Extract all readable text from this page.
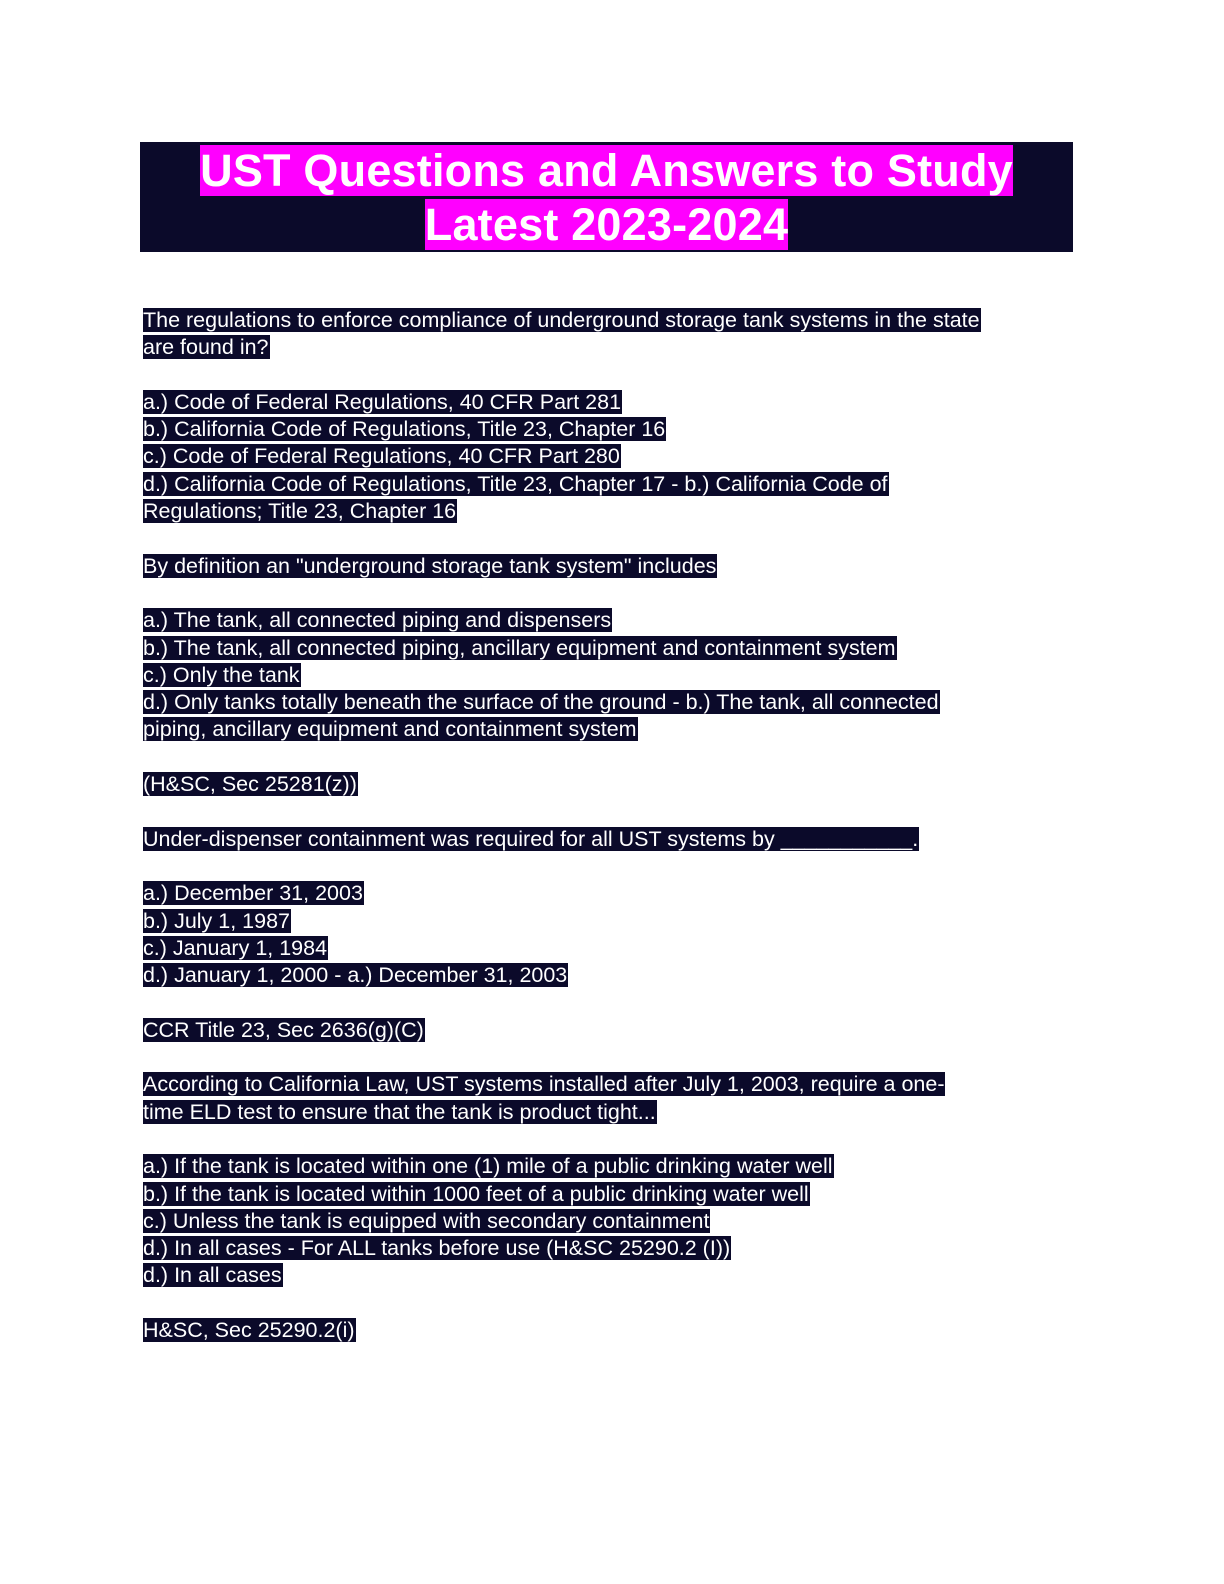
UST Questions and Answers to Study
Latest 2023-2024
The regulations to enforce compliance of underground storage tank systems in the state
are found in?
a.) Code of Federal Regulations, 40 CFR Part 281
b.) California Code of Regulations, Title 23, Chapter 16
c.) Code of Federal Regulations, 40 CFR Part 280
d.) California Code of Regulations, Title 23, Chapter 17 - b.) California Code of
Regulations; Title 23, Chapter 16
By definition an "underground storage tank system" includes
a.) The tank, all connected piping and dispensers
b.) The tank, all connected piping, ancillary equipment and containment system
c.) Only the tank
d.) Only tanks totally beneath the surface of the ground - b.) The tank, all connected
piping, ancillary equipment and containment system
(H&SC, Sec 25281(z))
Under-dispenser containment was required for all UST systems by ___________.
a.) December 31, 2003
b.) July 1, 1987
c.) January 1, 1984
d.) January 1, 2000 - a.) December 31, 2003
CCR Title 23, Sec 2636(g)(C)
According to California Law, UST systems installed after July 1, 2003, require a one-
time ELD test to ensure that the tank is product tight...
a.) If the tank is located within one (1) mile of a public drinking water well
b.) If the tank is located within 1000 feet of a public drinking water well
c.) Unless the tank is equipped with secondary containment
d.) In all cases - For ALL tanks before use (H&SC 25290.2 (I))
d.) In all cases
H&SC, Sec 25290.2(i)
